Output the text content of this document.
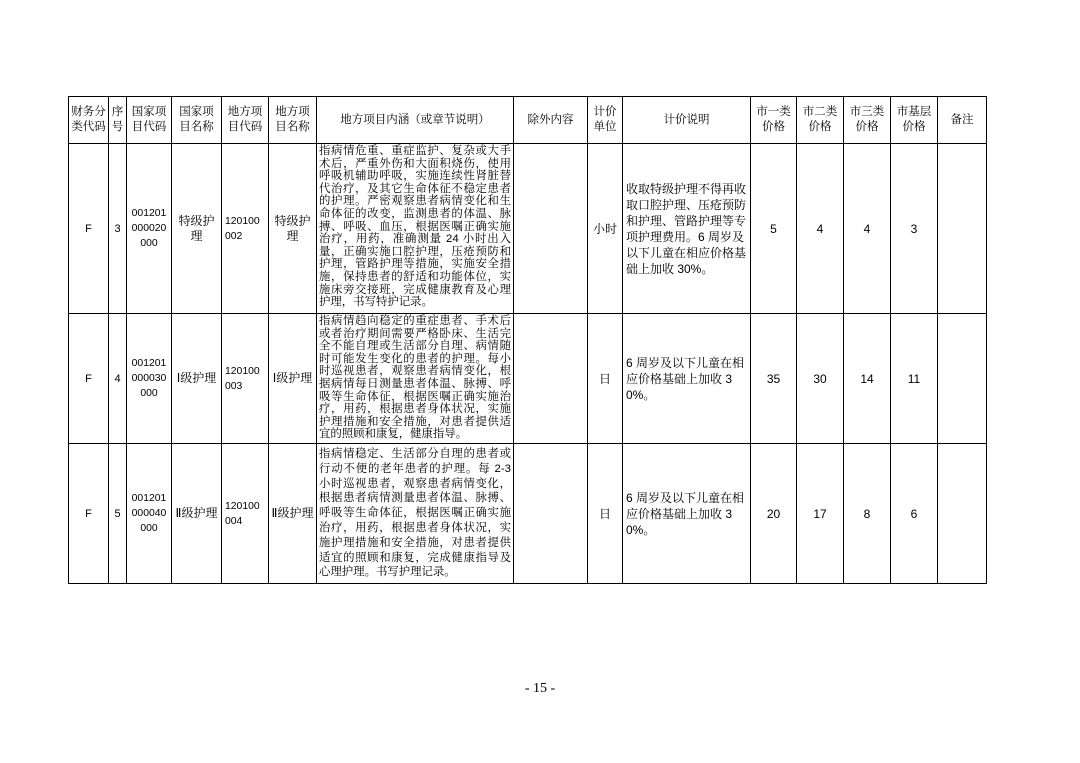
财务分类代码	序号	国家项目代码	国家项目名称	地方项目代码	地方项目名称	地方项目内涵（或章节说明）	除外内容	计价单位	计价说明	市一类价格	市二类价格	市三类价格	市基层价格	备注
F	3	001201000020000	特级护理	120100002	特级护理	指病情危重、重症监护、复杂或大手术后，严重外伤和大面积烧伤，使用呼吸机辅助呼吸，实施连续性肾脏替代治疗，及其它生命体征不稳定患者的护理。严密观察患者病情变化和生命体征的改变，监测患者的体温、脉搏、呼吸、血压，根据医嘱正确实施治疗，用药，准确测量 24 小时出入量，正确实施口腔护理，压疮预防和护理，管路护理等措施，实施安全措施，保持患者的舒适和功能体位，实施床旁交接班，完成健康教育及心理护理，书写特护记录。		小时	收取特级护理不得再收取口腔护理、压疮预防和护理、管路护理等专项护理费用。6 周岁及以下儿童在相应价格基础上加收 30%。	5	4	4	3	
F	4	001201000030000	Ⅰ级护理	120100003	Ⅰ级护理	指病情趋向稳定的重症患者、手术后或者治疗期间需要严格卧床、生活完全不能自理或生活部分自理、病情随时可能发生变化的患者的护理。每小时巡视患者，观察患者病情变化，根据病情每日测量患者体温、脉搏、呼吸等生命体征，根据医嘱正确实施治疗，用药，根据患者身体状况，实施护理措施和安全措施，对患者提供适宜的照顾和康复，健康指导。		日	6 周岁及以下儿童在相应价格基础上加收 30%。	35	30	14	11	
F	5	001201000040000	Ⅱ级护理	120100004	Ⅱ级护理	指病情稳定、生活部分自理的患者或行动不便的老年患者的护理。每 2-3 小时巡视患者，观察患者病情变化，根据患者病情测量患者体温、脉搏、呼吸等生命体征，根据医嘱正确实施治疗，用药，根据患者身体状况，实施护理措施和安全措施，对患者提供适宜的照顾和康复，完成健康指导及心理护理。书写护理记录。		日	6 周岁及以下儿童在相应价格基础上加收 30%。	20	17	8	6	
- 15 -
